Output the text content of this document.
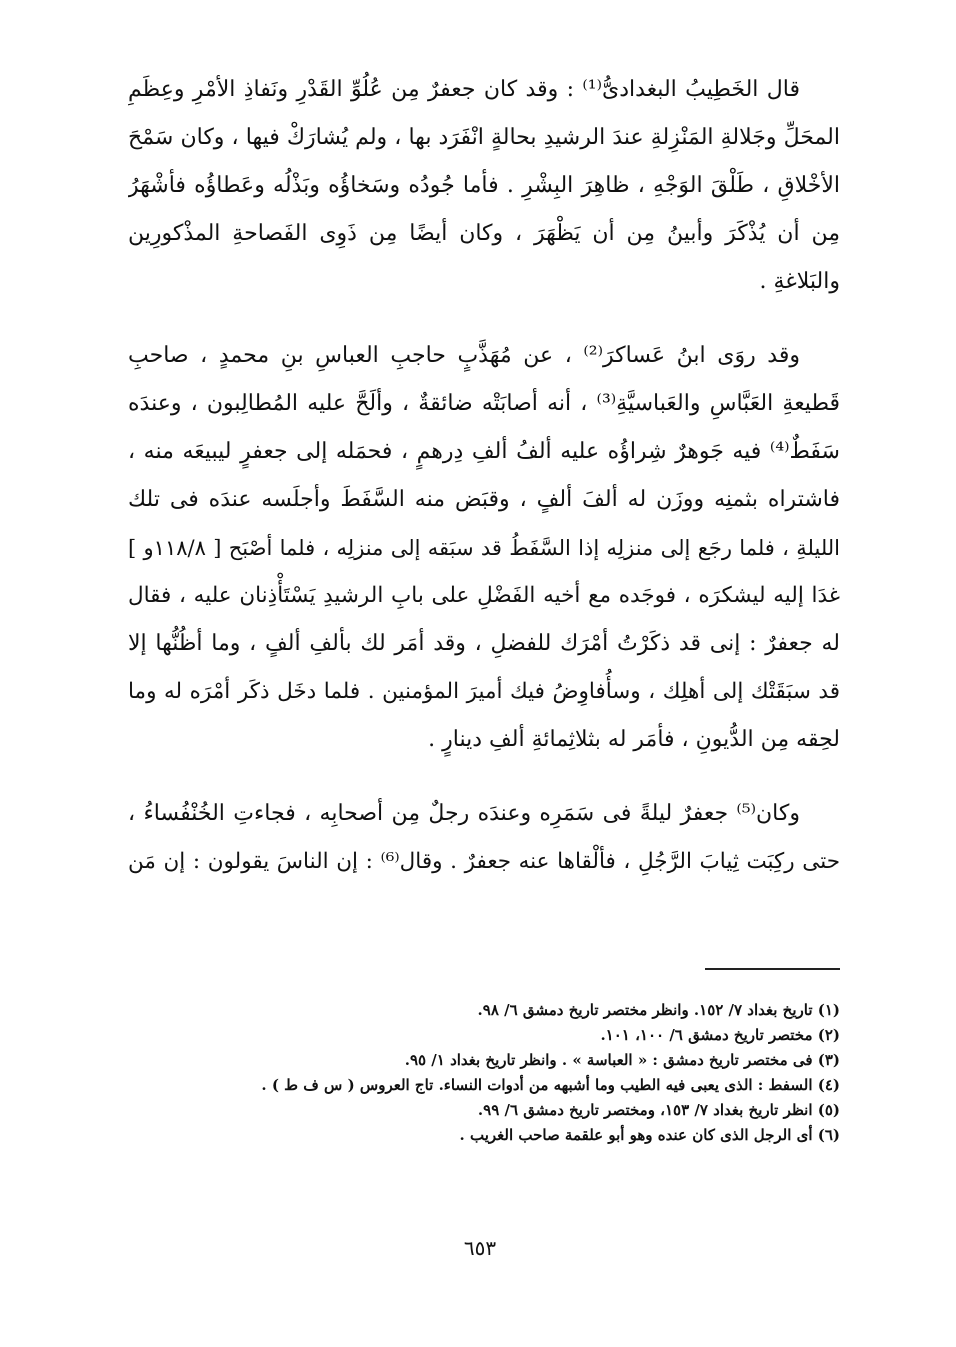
قال الخَطِيبُ البغدادىُّ⁽¹⁾ : وقد كان جعفرٌ مِن عُلُوِّ القَدْرِ ونَفاذِ الأمْرِ وعِظَمِ
المحَلِّ وجَلالةِ المَنْزِلةِ عندَ الرشيدِ بحالةٍ انْفَرَد بها ، ولم يُشارَكْ فيها ، وكان سَمْحَ
الأخْلاقِ ، طَلْقَ الوَجْهِ ، ظاهِرَ البِشْرِ . فأما جُودُه وسَخاؤُه وبَذْلُه وعَطاؤُه فأشْهَرُ
مِن أن يُذْكَرَ وأبينُ مِن أن يَظْهَرَ ، وكان أيضًا مِن ذَوِى الفَصاحةِ المذْكورِين
والبَلاغةِ .
وقد روَى ابنُ عَساكرَ⁽²⁾ ، عن مُهَذَّبٍ حاجبِ العباسِ بنِ محمدٍ ، صاحبِ
قَطيعةِ العَبَّاسِ والعَباسيَّةِ⁽³⁾ ، أنه أصابَتْه ضائقةٌ ، وألَحَّ عليه المُطالِبون ، وعندَه
سَفَطٌ⁽⁴⁾ فيه جَوهرٌ شِراؤُه عليه ألفُ ألفِ دِرهمٍ ، فحمَله إلى جعفرٍ ليبيعَه منه ،
فاشتراه بثمنِه ووزَن له ألفَ ألفٍ ، وقبَض منه السَّفَطَ وأجلَسه عندَه فى تلك
الليلةِ ، فلما رجَع إلى منزلِه إذا السَّفَطُ قد سبَقه إلى منزلِه ، فلما أصْبَح [ ١١٨/٨و ]
غدَا إليه ليشكرَه ، فوجَده مع أخيه الفَضْلِ على بابِ الرشيدِ يَسْتَأْذِنان عليه ، فقال
له جعفرٌ : إنى قد ذكَرْتُ أمْرَك للفضلِ ، وقد أمَر لك بألفِ ألفٍ ، وما أظُنُّها إلا
قد سبَقَتْك إلى أهلِك ، وسأُفاوِضُ فيك أميرَ المؤمنين . فلما دخَل ذكَر أمْرَه له وما
لحِقه مِن الدُّيونِ ، فأمَر له بثلاثِمائةِ ألفِ دينارٍ .
وكان⁽⁵⁾ جعفرٌ ليلةً فى سَمَرِه وعندَه رجلٌ مِن أصحابِه ، فجاءتِ الخُنْفُساءُ ،
حتى ركِبَت ثِيابَ الرَّجُلِ ، فألْقاها عنه جعفرٌ . وقال⁽⁶⁾ : إن الناسَ يقولون : إن مَن
(١) تاريخ بغداد ٧/ ١٥٢. وانظر مختصر تاريخ دمشق ٦/ ٩٨.
(٢) مختصر تاريخ دمشق ٦/ ١٠٠، ١٠١.
(٣) فى مختصر تاريخ دمشق : « العباسة » . وانظر تاريخ بغداد ١/ ٩٥.
(٤) السفط : الذى يعبى فيه الطيب وما أشبهه من أدوات النساء. تاج العروس ( س ف ط ) .
(٥) انظر تاريخ بغداد ٧/ ١٥٣، ومختصر تاريخ دمشق ٦/ ٩٩.
(٦) أى الرجل الذى كان عنده وهو أبو علقمة صاحب الغريب .
٦٥٣
